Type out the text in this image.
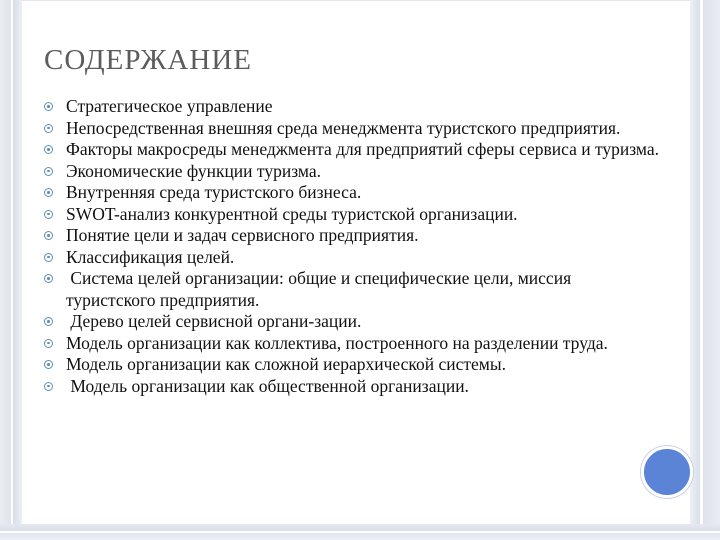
СОДЕРЖАНИЕ
Стратегическое управление
Непосредственная внешняя среда менеджмента туристского предприятия.
Факторы макросреды менеджмента для предприятий сферы сервиса и туризма.
Экономические функции туризма.
Внутренняя среда туристского бизнеса.
SWOT-анализ конкурентной среды туристской организации.
Понятие цели и задач сервисного предприятия.
Классификация целей.
Система целей организации: общие и специфические цели, миссия туристского предприятия.
Дерево целей сервисной органи-зации.
Модель организации как коллектива, построенного на разделении труда.
Модель организации как сложной иерархической системы.
Модель организации как общественной организации.
